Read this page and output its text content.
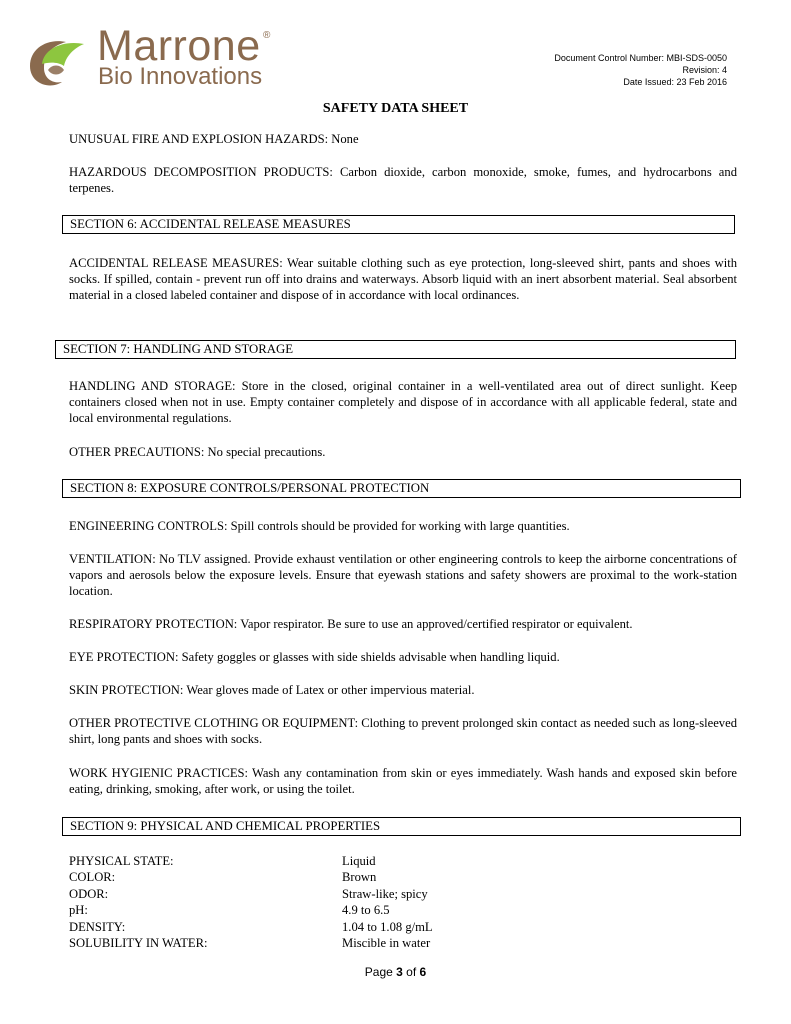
Marrone ®
Bio Innovations
Document Control Number: MBI-SDS-0050
Revision: 4
Date Issued: 23 Feb 2016
SAFETY DATA SHEET
UNUSUAL FIRE AND EXPLOSION HAZARDS: None
HAZARDOUS DECOMPOSITION PRODUCTS: Carbon dioxide, carbon monoxide, smoke, fumes, and hydrocarbons and terpenes.
SECTION 6: ACCIDENTAL RELEASE MEASURES
ACCIDENTAL RELEASE MEASURES: Wear suitable clothing such as eye protection, long-sleeved shirt, pants and shoes with socks. If spilled, contain - prevent run off into drains and waterways. Absorb liquid with an inert absorbent material. Seal absorbent material in a closed labeled container and dispose of in accordance with local ordinances.
SECTION 7: HANDLING AND STORAGE
HANDLING AND STORAGE: Store in the closed, original container in a well-ventilated area out of direct sunlight. Keep containers closed when not in use. Empty container completely and dispose of in accordance with all applicable federal, state and local environmental regulations.
OTHER PRECAUTIONS: No special precautions.
SECTION 8: EXPOSURE CONTROLS/PERSONAL PROTECTION
ENGINEERING CONTROLS: Spill controls should be provided for working with large quantities.
VENTILATION: No TLV assigned. Provide exhaust ventilation or other engineering controls to keep the airborne concentrations of vapors and aerosols below the exposure levels. Ensure that eyewash stations and safety showers are proximal to the work-station location.
RESPIRATORY PROTECTION: Vapor respirator. Be sure to use an approved/certified respirator or equivalent.
EYE PROTECTION: Safety goggles or glasses with side shields advisable when handling liquid.
SKIN PROTECTION: Wear gloves made of Latex or other impervious material.
OTHER PROTECTIVE CLOTHING OR EQUIPMENT: Clothing to prevent prolonged skin contact as needed such as long-sleeved shirt, long pants and shoes with socks.
WORK HYGIENIC PRACTICES: Wash any contamination from skin or eyes immediately. Wash hands and exposed skin before eating, drinking, smoking, after work, or using the toilet.
SECTION 9: PHYSICAL AND CHEMICAL PROPERTIES
PHYSICAL STATE:	Liquid
COLOR:	Brown
ODOR:	Straw-like; spicy
pH:	4.9 to 6.5
DENSITY:	1.04 to 1.08 g/mL
SOLUBILITY IN WATER:	Miscible in water
Page 3 of 6
